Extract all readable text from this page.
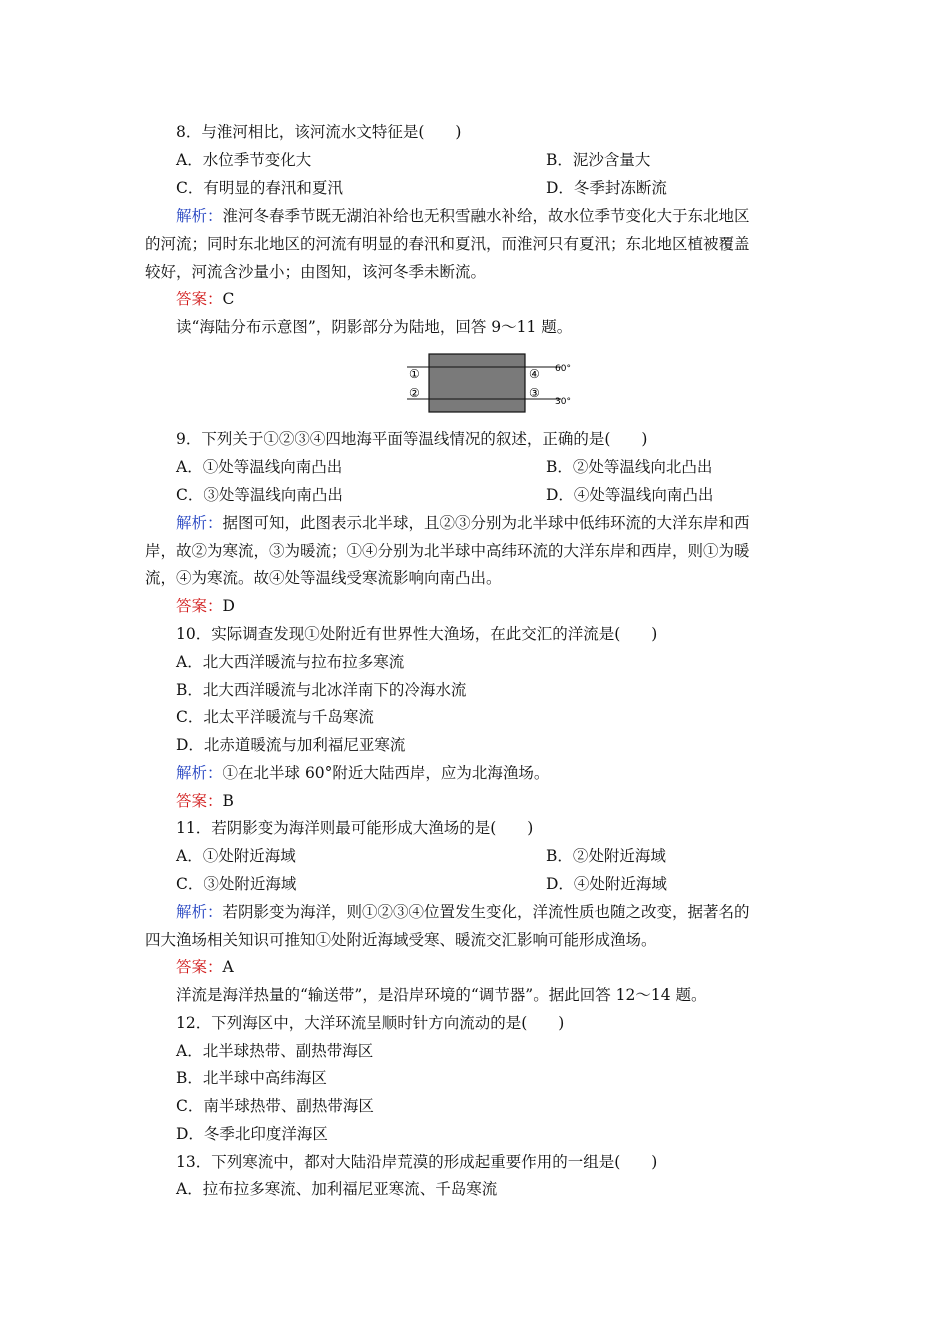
8．与淮河相比，该河流水文特征是(　　)
A．水位季节变化大	B．泥沙含量大
C．有明显的春汛和夏汛	D．冬季封冻断流
解析：淮河冬春季节既无湖泊补给也无积雪融水补给，故水位季节变化大于东北地区
的河流；同时东北地区的河流有明显的春汛和夏汛，而淮河只有夏汛；东北地区植被覆盖
较好，河流含沙量小；由图知，该河冬季未断流。
答案：C
读“海陆分布示意图”，阴影部分为陆地，回答 9～11 题。
60°
30°
①
②
④
③
9．下列关于①②③④四地海平面等温线情况的叙述，正确的是(　　)
A．①处等温线向南凸出	B．②处等温线向北凸出
C．③处等温线向南凸出	D．④处等温线向南凸出
解析：据图可知，此图表示北半球，且②③分别为北半球中低纬环流的大洋东岸和西
岸，故②为寒流，③为暖流；①④分别为北半球中高纬环流的大洋东岸和西岸，则①为暖
流，④为寒流。故④处等温线受寒流影响向南凸出。
答案：D
10．实际调查发现①处附近有世界性大渔场，在此交汇的洋流是(　　)
A．北大西洋暖流与拉布拉多寒流
B．北大西洋暖流与北冰洋南下的冷海水流
C．北太平洋暖流与千岛寒流
D．北赤道暖流与加利福尼亚寒流
解析：①在北半球 60°附近大陆西岸，应为北海渔场。
答案：B
11．若阴影变为海洋则最可能形成大渔场的是(　　)
A．①处附近海域	B．②处附近海域
C．③处附近海域	D．④处附近海域
解析：若阴影变为海洋，则①②③④位置发生变化，洋流性质也随之改变，据著名的
四大渔场相关知识可推知①处附近海域受寒、暖流交汇影响可能形成渔场。
答案：A
洋流是海洋热量的“输送带”，是沿岸环境的“调节器”。据此回答 12～14 题。
12．下列海区中，大洋环流呈顺时针方向流动的是(　　)
A．北半球热带、副热带海区
B．北半球中高纬海区
C．南半球热带、副热带海区
D．冬季北印度洋海区
13．下列寒流中，都对大陆沿岸荒漠的形成起重要作用的一组是(　　)
A．拉布拉多寒流、加利福尼亚寒流、千岛寒流
